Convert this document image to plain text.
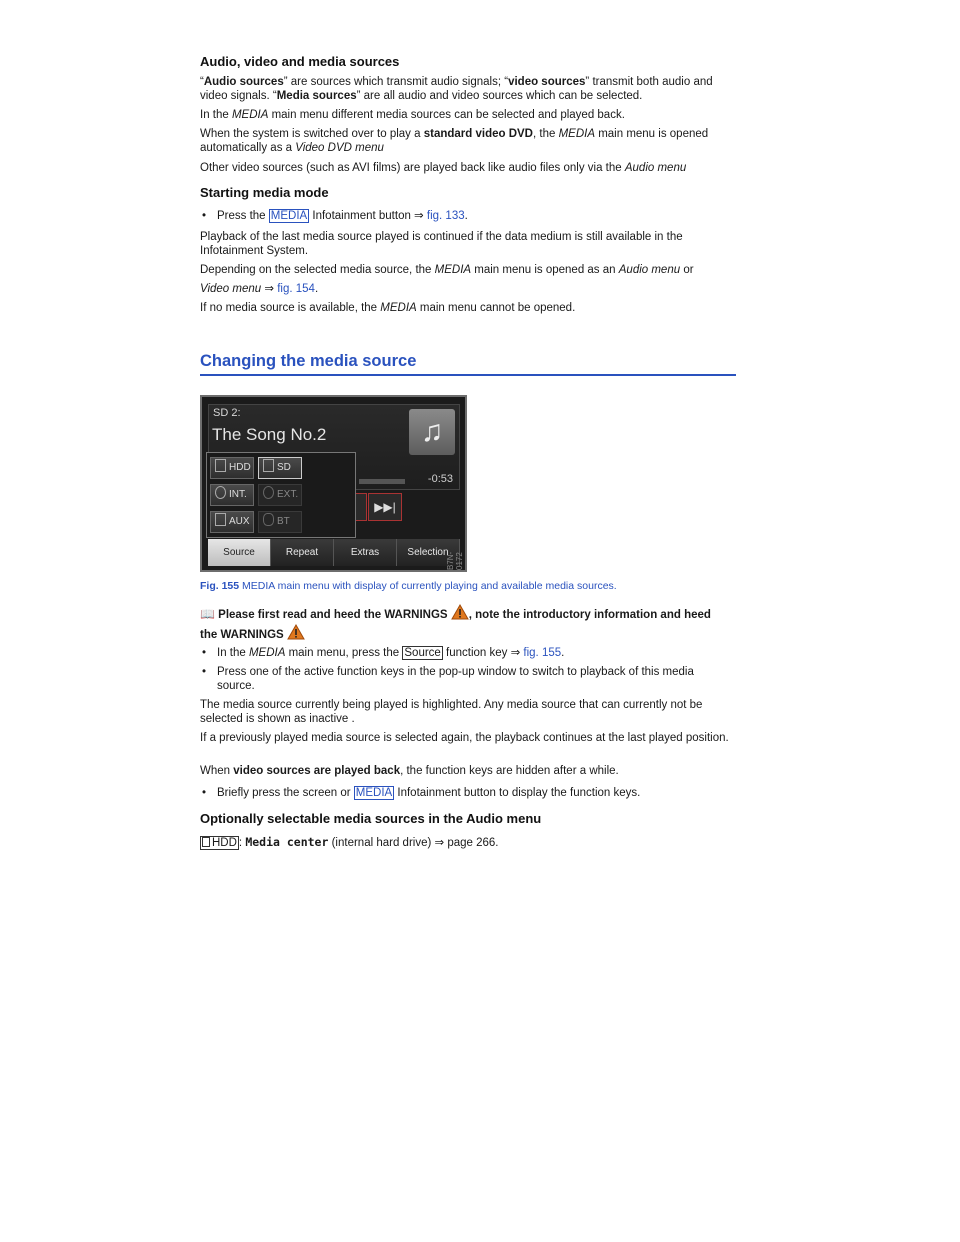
Audio, video and media sources
“Audio sources” are sources which transmit audio signals; “video sources” transmit both audio and video signals. “Media sources” are all audio and video sources which can be selected.
In the MEDIA main menu different media sources can be selected and played back.
When the system is switched over to play a standard video DVD, the MEDIA main menu is opened automatically as a Video DVD menu
Other video sources (such as AVI films) are played back like audio files only via the Audio menu
Starting media mode
• Press the MEDIA Infotainment button ⇒ fig. 133.
Playback of the last media source played is continued if the data medium is still available in the Infotainment System.
Depending on the selected media source, the MEDIA main menu is opened as an Audio menu or
Video menu ⇒ fig. 154.
If no media source is available, the MEDIA main menu cannot be opened.
Changing the media source
SD 2:
The Song No.2	♫
-0:53
▶▶|
HDD	SD
INT.	EXT.
AUX	BT
Source	Repeat	Extras	Selection
B7N-0172
Fig. 155 MEDIA main menu with display of currently playing and available media sources.
📖 Please first read and heed the WARNINGS , note the introductory information and heed
the WARNINGS
• In the MEDIA main menu, press the Source function key ⇒ fig. 155.
• Press one of the active function keys in the pop-up window to switch to playback of this media source.
The media source currently being played is highlighted. Any media source that can currently not be selected is shown as inactive .
If a previously played media source is selected again, the playback continues at the last played position.
When video sources are played back, the function keys are hidden after a while.
• Briefly press the screen or MEDIA Infotainment button to display the function keys.
Optionally selectable media sources in the Audio menu
HDD : Media center (internal hard drive) ⇒ page 266.
